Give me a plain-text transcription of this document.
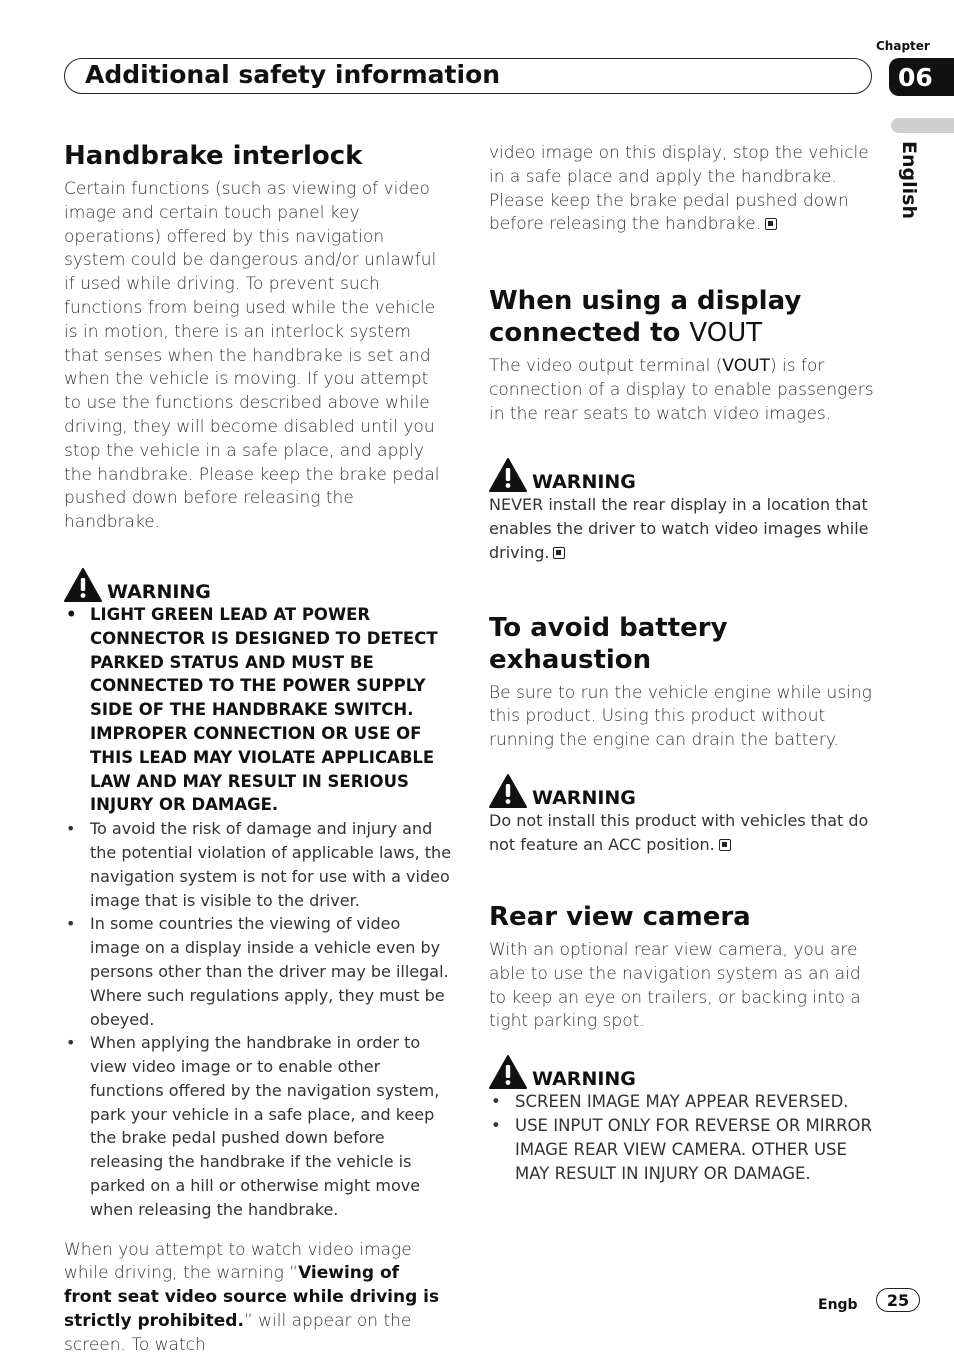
Additional safety information
Chapter
06
English
Handbrake interlock

Certain functions (such as viewing of video image and certain touch panel key operations) offered by this navigation system could be dangerous and/or unlawful if used while driving. To prevent such functions from being used while the vehicle is in motion, there is an interlock system that senses when the handbrake is set and when the vehicle is moving. If you attempt to use the functions described above while driving, they will become disabled until you stop the vehicle in a safe place, and apply the handbrake. Please keep the brake pedal pushed down before releasing the handbrake.

WARNING
• LIGHT GREEN LEAD AT POWER CONNECTOR IS DESIGNED TO DETECT PARKED STATUS AND MUST BE CONNECTED TO THE POWER SUPPLY SIDE OF THE HANDBRAKE SWITCH. IMPROPER CONNECTION OR USE OF THIS LEAD MAY VIOLATE APPLICABLE LAW AND MAY RESULT IN SERIOUS INJURY OR DAMAGE.
• To avoid the risk of damage and injury and the potential violation of applicable laws, the navigation system is not for use with a video image that is visible to the driver.
• In some countries the viewing of video image on a display inside a vehicle even by persons other than the driver may be illegal. Where such regulations apply, they must be obeyed.
• When applying the handbrake in order to view video image or to enable other functions offered by the navigation system, park your vehicle in a safe place, and keep the brake pedal pushed down before releasing the handbrake if the vehicle is parked on a hill or otherwise might move when releasing the handbrake.

When you attempt to watch video image while driving, the warning “Viewing of front seat video source while driving is strictly prohibited.” will appear on the screen. To watch

video image on this display, stop the vehicle in a safe place and apply the handbrake. Please keep the brake pedal pushed down before releasing the handbrake.

When using a display connected to VOUT

The video output terminal (VOUT) is for connection of a display to enable passengers in the rear seats to watch video images.

WARNING

NEVER install the rear display in a location that enables the driver to watch video images while driving.

To avoid battery exhaustion

Be sure to run the vehicle engine while using this product. Using this product without running the engine can drain the battery.

WARNING

Do not install this product with vehicles that do not feature an ACC position.

Rear view camera

With an optional rear view camera, you are able to use the navigation system as an aid to keep an eye on trailers, or backing into a tight parking spot.

WARNING
• SCREEN IMAGE MAY APPEAR REVERSED.
• USE INPUT ONLY FOR REVERSE OR MIRROR IMAGE REAR VIEW CAMERA. OTHER USE MAY RESULT IN INJURY OR DAMAGE.
Engb	25
